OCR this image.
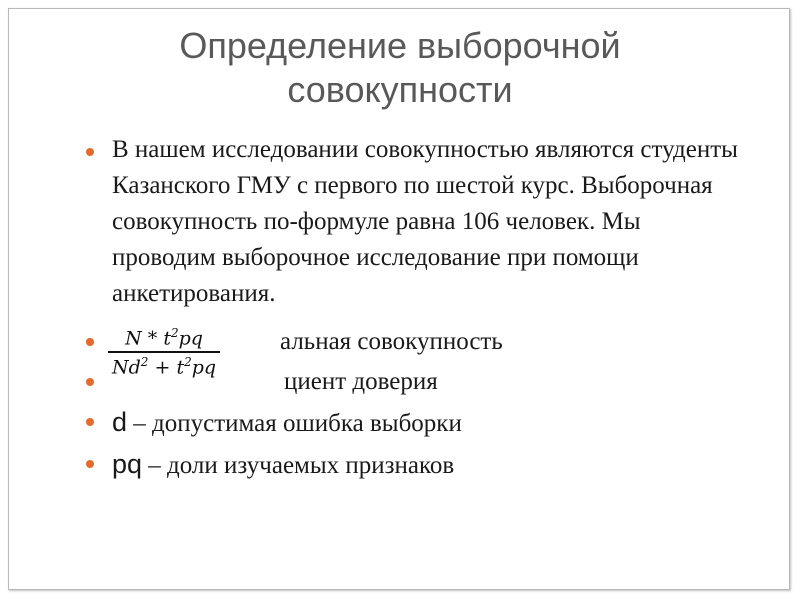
Определение выборочной
совокупности
В нашем исследовании совокупностью являются студенты Казанского ГМУ с первого по шестой курс. Выборочная совокупность по-формуле равна 106 человек. Мы проводим выборочное исследование при помощи анкетирования.
альная совокупность
циент доверия
d – допустимая ошибка выборки
pq – доли изучаемых признаков
N * $t^2pq$
$Nd^2 + t^2pq$
